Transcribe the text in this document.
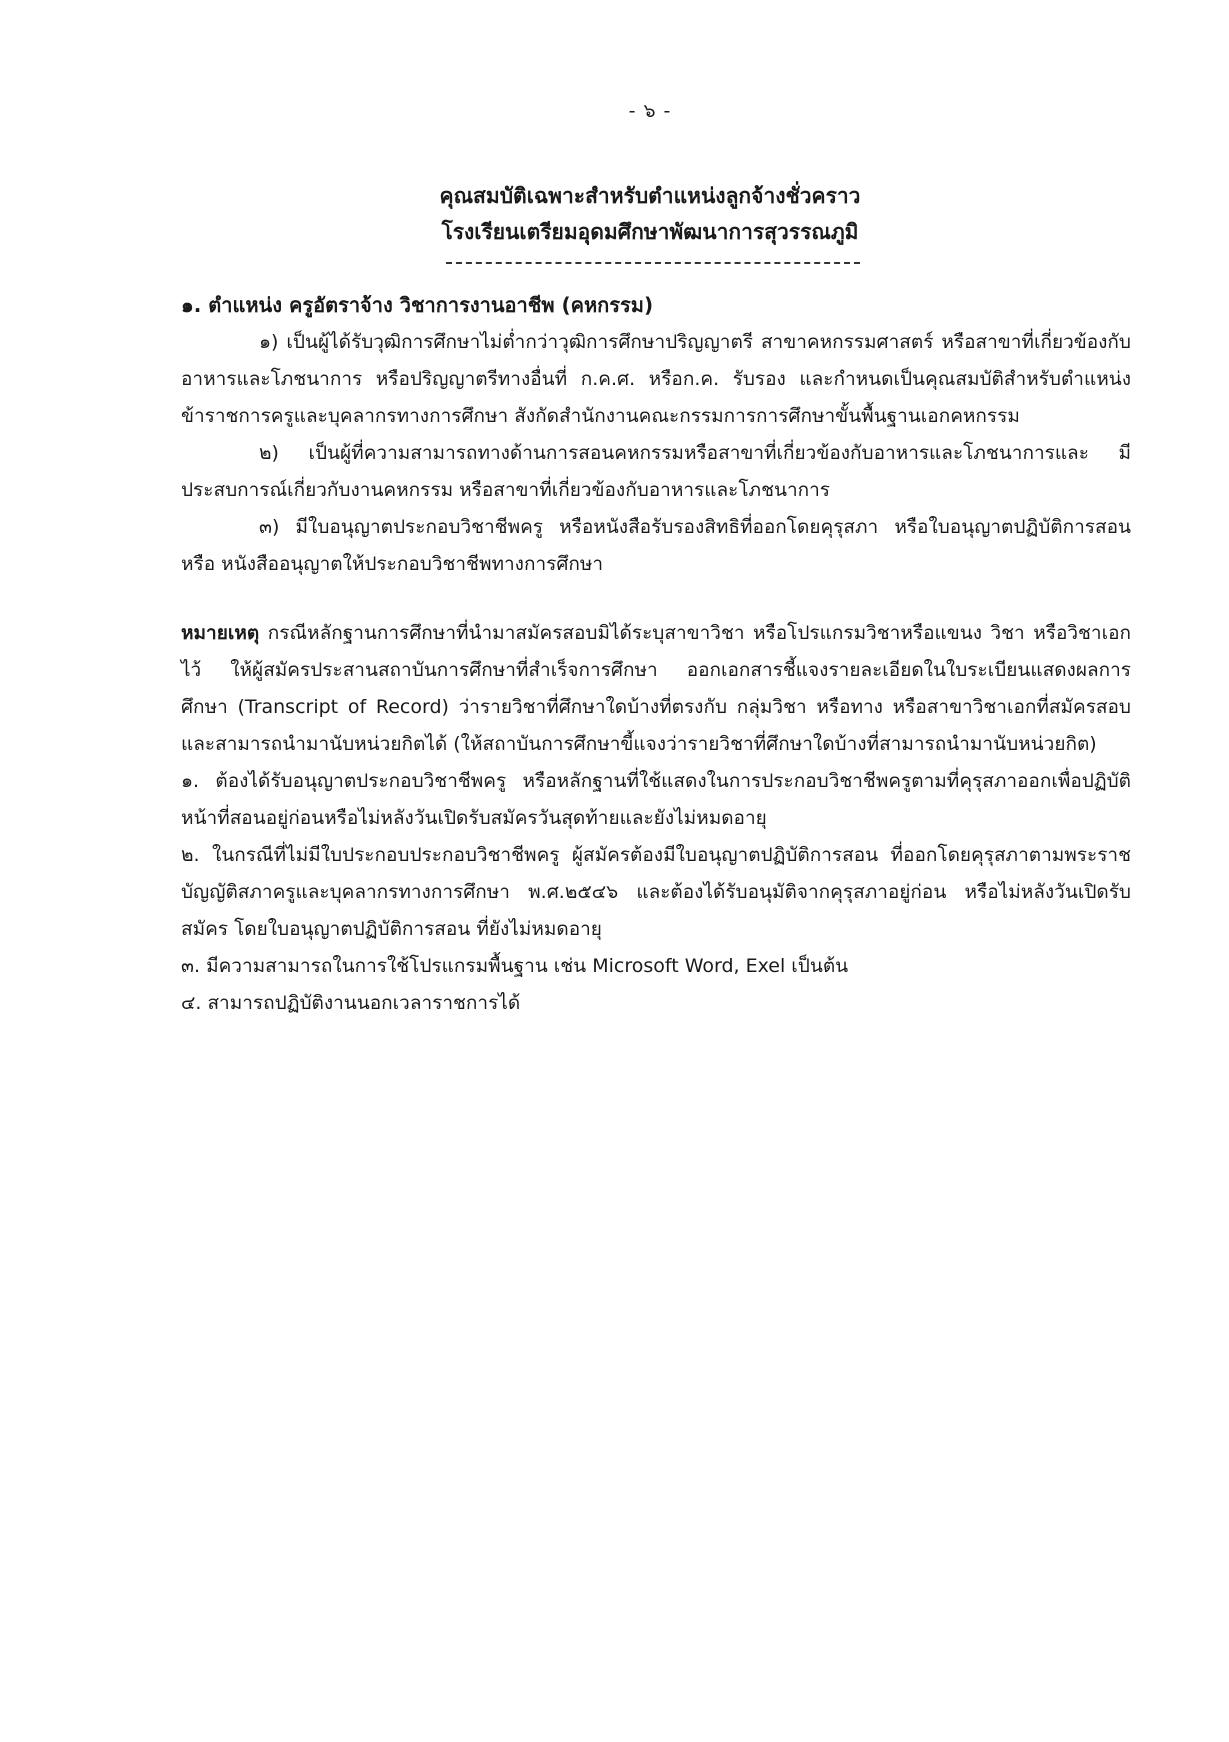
- ๖ -
คุณสมบัติเฉพาะสำหรับตำแหน่งลูกจ้างชั่วคราว
โรงเรียนเตรียมอุดมศึกษาพัฒนาการสุวรรณภูมิ

๑. ตำแหน่ง ครูอัตราจ้าง วิชาการงานอาชีพ (คหกรรม)

๑) เป็นผู้ได้รับวุฒิการศึกษาไม่ต่ำกว่าวุฒิการศึกษาปริญญาตรี สาขาคหกรรมศาสตร์ หรือสาขาที่เกี่ยวข้องกับ อาหารและโภชนาการ หรือปริญญาตรีทางอื่นที่ ก.ค.ศ. หรือก.ค. รับรอง และกำหนดเป็นคุณสมบัติสำหรับตำแหน่ง ข้าราชการครูและบุคลากรทางการศึกษา สังกัดสำนักงานคณะกรรมการการศึกษาขั้นพื้นฐานเอกคหกรรม

๒) เป็นผู้ที่ความสามารถทางด้านการสอนคหกรรมหรือสาขาที่เกี่ยวข้องกับอาหารและโภชนาการและ มีประสบการณ์เกี่ยวกับงานคหกรรม หรือสาขาที่เกี่ยวข้องกับอาหารและโภชนาการ

๓) มีใบอนุญาตประกอบวิชาชีพครู หรือหนังสือรับรองสิทธิที่ออกโดยคุรุสภา หรือใบอนุญาตปฏิบัติการสอน หรือ หนังสืออนุญาตให้ประกอบวิชาชีพทางการศึกษา

หมายเหตุ กรณีหลักฐานการศึกษาที่นำมาสมัครสอบมิได้ระบุสาขาวิชา หรือโปรแกรมวิชาหรือแขนง วิชา หรือวิชาเอกไว้ ให้ผู้สมัครประสานสถาบันการศึกษาที่สำเร็จการศึกษา ออกเอกสารชี้แจงรายละเอียดในใบระเบียนแสดงผลการศึกษา (Transcript of Record) ว่ารายวิชาที่ศึกษาใดบ้างที่ตรงกับ กลุ่มวิชา หรือทาง หรือสาขาวิชาเอกที่สมัครสอบ และสามารถนำมานับหน่วยกิตได้ (ให้สถาบันการศึกษาขี้แจงว่ารายวิชาที่ศึกษาใดบ้างที่สามารถนำมานับหน่วยกิต)

๑. ต้องได้รับอนุญาตประกอบวิชาชีพครู หรือหลักฐานที่ใช้แสดงในการประกอบวิชาชีพครูตามที่คุรุสภาออกเพื่อปฏิบัติหน้าที่สอนอยู่ก่อนหรือไม่หลังวันเปิดรับสมัครวันสุดท้ายและยังไม่หมดอายุ

๒. ในกรณีที่ไม่มีใบประกอบประกอบวิชาชีพครู ผู้สมัครต้องมีใบอนุญาตปฏิบัติการสอน ที่ออกโดยคุรุสภาตามพระราชบัญญัติสภาครูและบุคลากรทางการศึกษา พ.ศ.๒๕๔๖ และต้องได้รับอนุมัติจากคุรุสภาอยู่ก่อน หรือไม่หลังวันเปิดรับสมัคร โดยใบอนุญาตปฏิบัติการสอน ที่ยังไม่หมดอายุ

๓. มีความสามารถในการใช้โปรแกรมพื้นฐาน เช่น Microsoft Word, Exel เป็นต้น

๔. สามารถปฏิบัติงานนอกเวลาราชการได้
